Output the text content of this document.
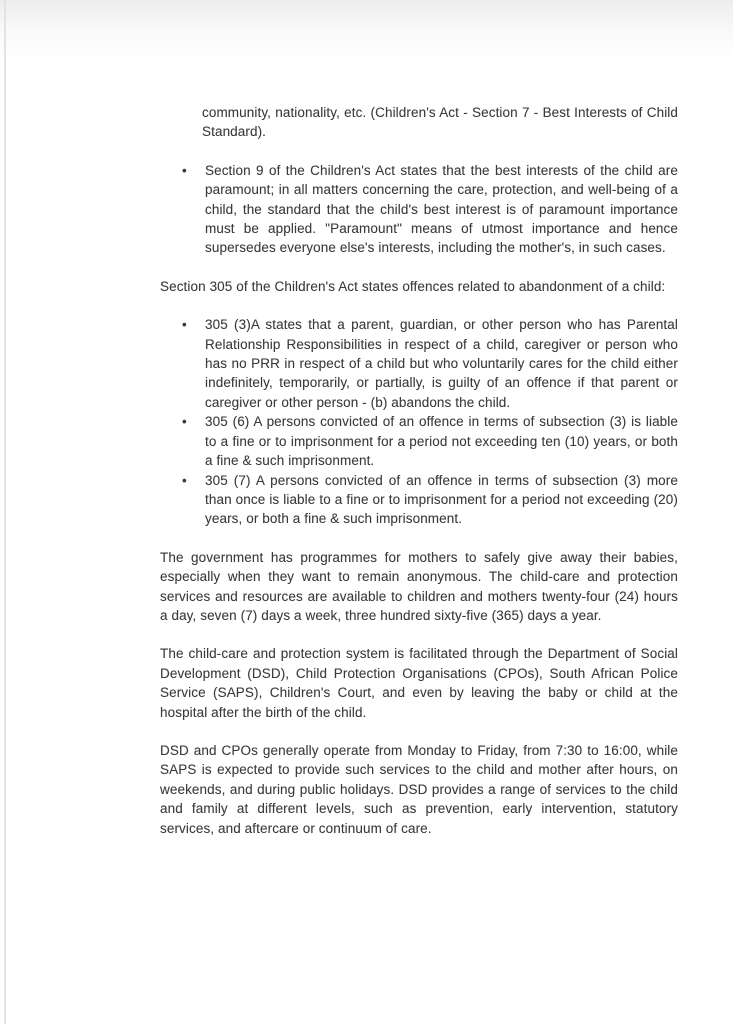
community, nationality, etc. (Children's Act - Section 7 - Best Interests of Child Standard).
• Section 9 of the Children's Act states that the best interests of the child are paramount; in all matters concerning the care, protection, and well-being of a child, the standard that the child's best interest is of paramount importance must be applied. "Paramount" means of utmost importance and hence supersedes everyone else's interests, including the mother's, in such cases.
Section 305 of the Children's Act states offences related to abandonment of a child:
• 305 (3)A states that a parent, guardian, or other person who has Parental Relationship Responsibilities in respect of a child, caregiver or person who has no PRR in respect of a child but who voluntarily cares for the child either indefinitely, temporarily, or partially, is guilty of an offence if that parent or caregiver or other person - (b) abandons the child.
• 305 (6) A persons convicted of an offence in terms of subsection (3) is liable to a fine or to imprisonment for a period not exceeding ten (10) years, or both a fine & such imprisonment.
• 305 (7) A persons convicted of an offence in terms of subsection (3) more than once is liable to a fine or to imprisonment for a period not exceeding (20) years, or both a fine & such imprisonment.
The government has programmes for mothers to safely give away their babies, especially when they want to remain anonymous. The child-care and protection services and resources are available to children and mothers twenty-four (24) hours a day, seven (7) days a week, three hundred sixty-five (365) days a year.
The child-care and protection system is facilitated through the Department of Social Development (DSD), Child Protection Organisations (CPOs), South African Police Service (SAPS), Children's Court, and even by leaving the baby or child at the hospital after the birth of the child.
DSD and CPOs generally operate from Monday to Friday, from 7:30 to 16:00, while SAPS is expected to provide such services to the child and mother after hours, on weekends, and during public holidays. DSD provides a range of services to the child and family at different levels, such as prevention, early intervention, statutory services, and aftercare or continuum of care.
